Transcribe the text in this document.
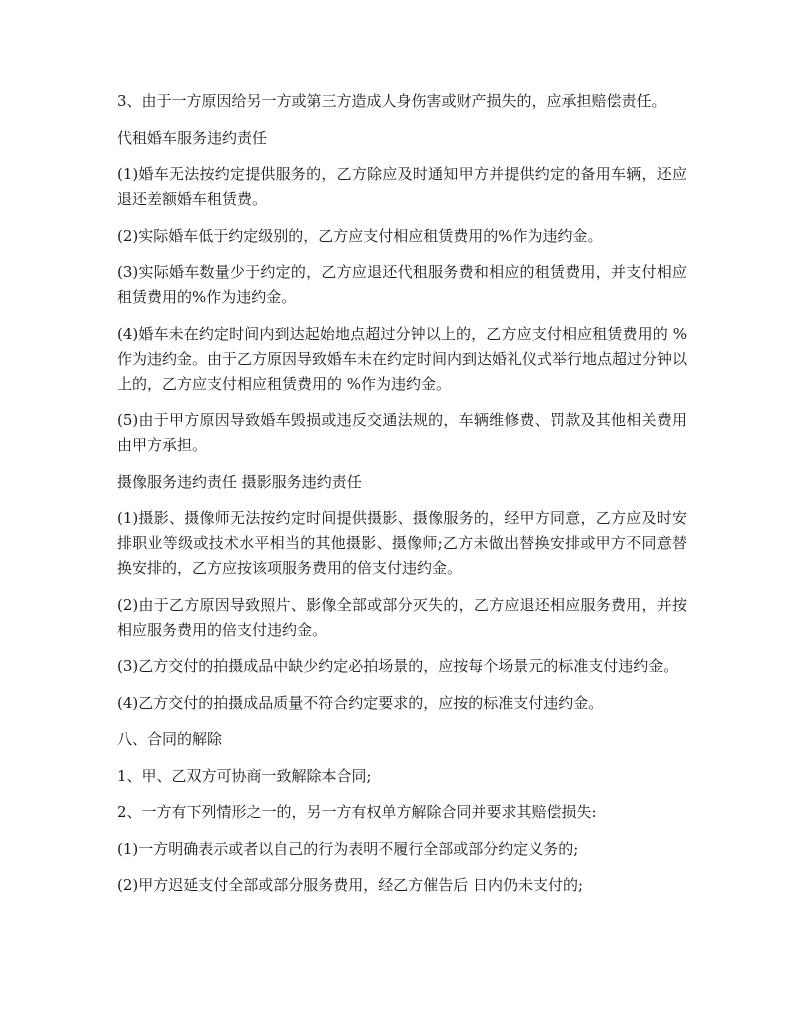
3、由于一方原因给另一方或第三方造成人身伤害或财产损失的，应承担赔偿责任。

代租婚车服务违约责任

(1)婚车无法按约定提供服务的，乙方除应及时通知甲方并提供约定的备用车辆，还应退还差额婚车租赁费。

(2)实际婚车低于约定级别的，乙方应支付相应租赁费用的%作为违约金。

(3)实际婚车数量少于约定的，乙方应退还代租服务费和相应的租赁费用，并支付相应租赁费用的%作为违约金。

(4)婚车未在约定时间内到达起始地点超过分钟以上的，乙方应支付相应租赁费用的 %作为违约金。由于乙方原因导致婚车未在约定时间内到达婚礼仪式举行地点超过分钟以上的，乙方应支付相应租赁费用的 %作为违约金。

(5)由于甲方原因导致婚车毁损或违反交通法规的，车辆维修费、罚款及其他相关费用由甲方承担。

摄像服务违约责任 摄影服务违约责任

(1)摄影、摄像师无法按约定时间提供摄影、摄像服务的，经甲方同意，乙方应及时安排职业等级或技术水平相当的其他摄影、摄像师;乙方未做出替换安排或甲方不同意替换安排的，乙方应按该项服务费用的倍支付违约金。

(2)由于乙方原因导致照片、影像全部或部分灭失的，乙方应退还相应服务费用，并按相应服务费用的倍支付违约金。

(3)乙方交付的拍摄成品中缺少约定必拍场景的，应按每个场景元的标准支付违约金。

(4)乙方交付的拍摄成品质量不符合约定要求的，应按的标准支付违约金。

八、合同的解除

1、甲、乙双方可协商一致解除本合同;

2、一方有下列情形之一的，另一方有权单方解除合同并要求其赔偿损失:

(1)一方明确表示或者以自己的行为表明不履行全部或部分约定义务的;

(2)甲方迟延支付全部或部分服务费用，经乙方催告后 日内仍未支付的;
